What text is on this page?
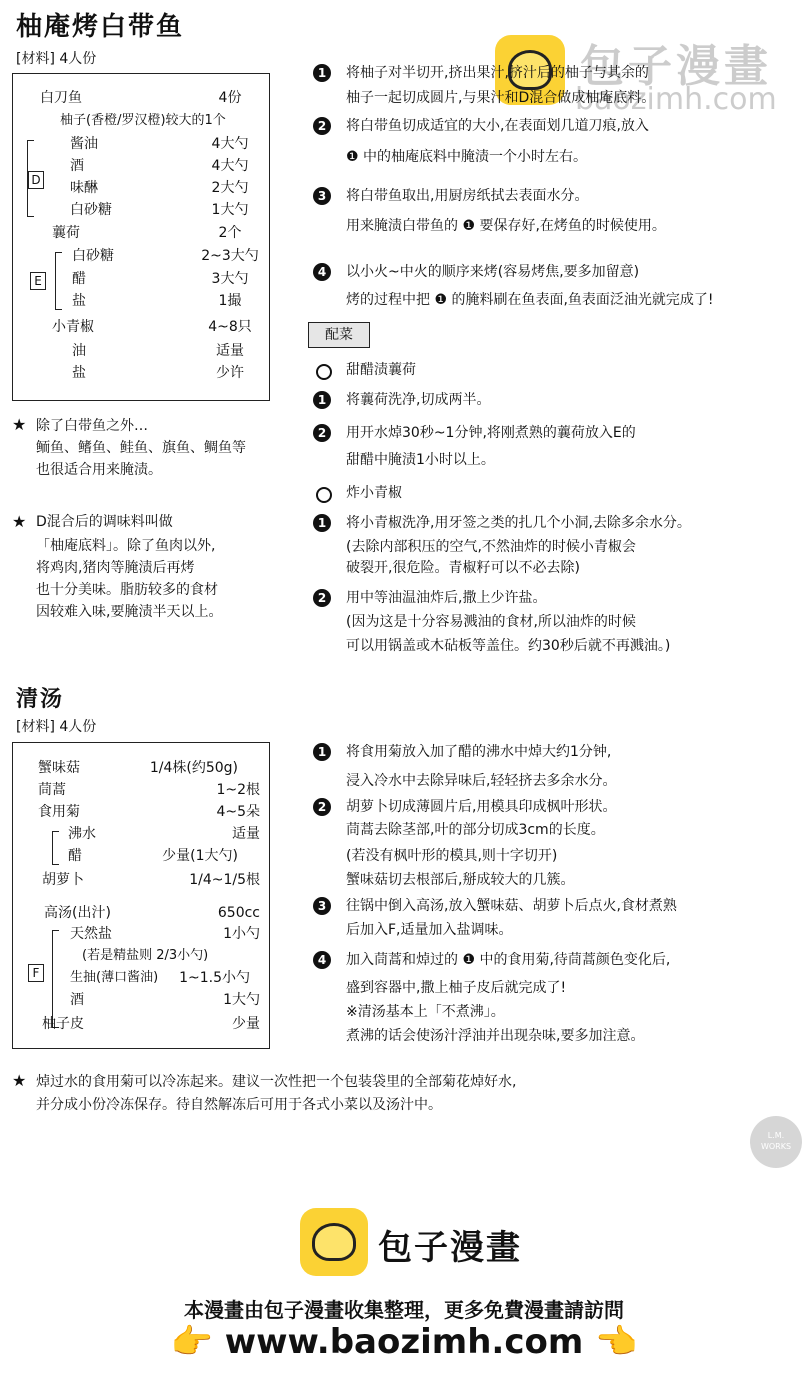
柚庵烤白带鱼
[材料] 4人份
D
E
★
★
配菜
甜醋渍蘘荷
炸小青椒
清汤
[材料] 4人份
F
★ 焯过水的食用菊可以冷冻起来。建议一次性把一个包装袋里的全部菊花焯好水,
并分成小份冷冻保存。待自然解冻后可用于各式小菜以及汤汁中。
L.M.
WORKS
包子漫畫
baozimh.com
包子漫畫
本漫畫由包子漫畫收集整理，更多免費漫畫請訪問
👉 www.baozimh.com 👈
白刀鱼	4份
柚子(香橙/罗汉橙)较大的1个
酱油	4大勺
酒	4大勺
味醂	2大勺
白砂糖	1大勺
蘘荷	2个
白砂糖	2~3大勺
醋	3大勺
盐	1撮
小青椒	4~8只
油	适量
盐	少许
除了白带鱼之外…
鲕鱼、鳍鱼、鲑鱼、旗鱼、鲷鱼等
也很适合用来腌渍。
D混合后的调味料叫做
「柚庵底料」。除了鱼肉以外,
将鸡肉,猪肉等腌渍后再烤
也十分美味。脂肪较多的食材
因较难入味,要腌渍半天以上。
1	将柚子对半切开,挤出果汁,挤汁后的柚子与其余的
柚子一起切成圆片,与果汁和D混合做成柚庵底料。
2	将白带鱼切成适宜的大小,在表面划几道刀痕,放入
❶ 中的柚庵底料中腌渍一个小时左右。
3	将白带鱼取出,用厨房纸拭去表面水分。
用来腌渍白带鱼的 ❶ 要保存好,在烤鱼的时候使用。
4	以小火~中火的顺序来烤(容易烤焦,要多加留意)
烤的过程中把 ❶ 的腌料刷在鱼表面,鱼表面泛油光就完成了!
1	将蘘荷洗净,切成两半。
2	用开水焯30秒~1分钟,将刚煮熟的蘘荷放入E的
甜醋中腌渍1小时以上。
1	将小青椒洗净,用牙签之类的扎几个小洞,去除多余水分。
(去除内部积压的空气,不然油炸的时候小青椒会
破裂开,很危险。青椒籽可以不必去除)
2	用中等油温油炸后,撒上少许盐。
(因为这是十分容易溅油的食材,所以油炸的时候
可以用锅盖或木砧板等盖住。约30秒后就不再溅油。)
蟹味菇	1/4株(约50g)
茼蒿	1~2根
食用菊	4~5朵
沸水	适量
醋	少量(1大勺)
胡萝卜	1/4~1/5根
高汤(出汁)	650cc
天然盐	1小勺
(若是精盐则 2/3小勺)
生抽(薄口酱油)	1~1.5小勺
酒	1大勺
柚子皮	少量
1	将食用菊放入加了醋的沸水中焯大约1分钟,
浸入冷水中去除异味后,轻轻挤去多余水分。
2	胡萝卜切成薄圆片后,用模具印成枫叶形状。
茼蒿去除茎部,叶的部分切成3cm的长度。
(若没有枫叶形的模具,则十字切开)
蟹味菇切去根部后,掰成较大的几簇。
3	往锅中倒入高汤,放入蟹味菇、胡萝卜后点火,食材煮熟
后加入F,适量加入盐调味。
4	加入茼蒿和焯过的 ❶ 中的食用菊,待茼蒿颜色变化后,
盛到容器中,撒上柚子皮后就完成了!
※清汤基本上「不煮沸」。
煮沸的话会使汤汁浮油并出现杂味,要多加注意。
